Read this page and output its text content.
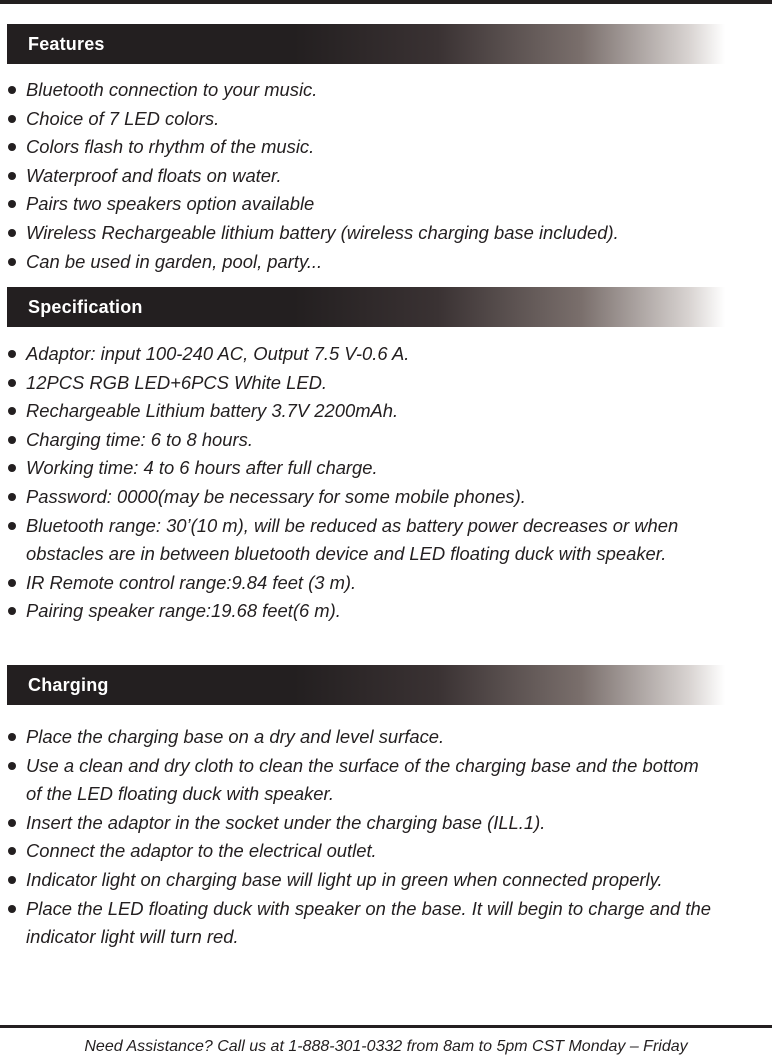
Features
Bluetooth connection to your music.
Choice of 7 LED colors.
Colors flash to rhythm of the music.
Waterproof and floats on water.
Pairs two speakers option available
Wireless Rechargeable lithium battery (wireless charging base included).
Can be used in garden, pool, party...
Specification
Adaptor: input 100-240 AC, Output 7.5 V-0.6 A.
12PCS RGB LED+6PCS White LED.
Rechargeable Lithium battery 3.7V 2200mAh.
Charging time: 6 to 8 hours.
Working time: 4 to 6 hours after full charge.
Password: 0000(may be necessary for some mobile phones).
Bluetooth range: 30’(10 m), will be reduced as battery power decreases or when obstacles are in between bluetooth device and LED floating duck with speaker.
IR Remote control range:9.84 feet (3 m).
Pairing speaker range:19.68 feet(6 m).
Charging
Place the charging base on a dry and level surface.
Use a clean and dry cloth to clean the surface of the charging base and the bottom of the LED floating duck with speaker.
Insert the adaptor in the socket under the charging base (ILL.1).
Connect the adaptor to the electrical outlet.
Indicator light on charging base will light up in green when connected properly.
Place the LED floating duck with speaker on the base. It will begin to charge and the indicator light will turn red.
Need Assistance? Call us at 1-888-301-0332 from 8am to 5pm CST Monday – Friday
